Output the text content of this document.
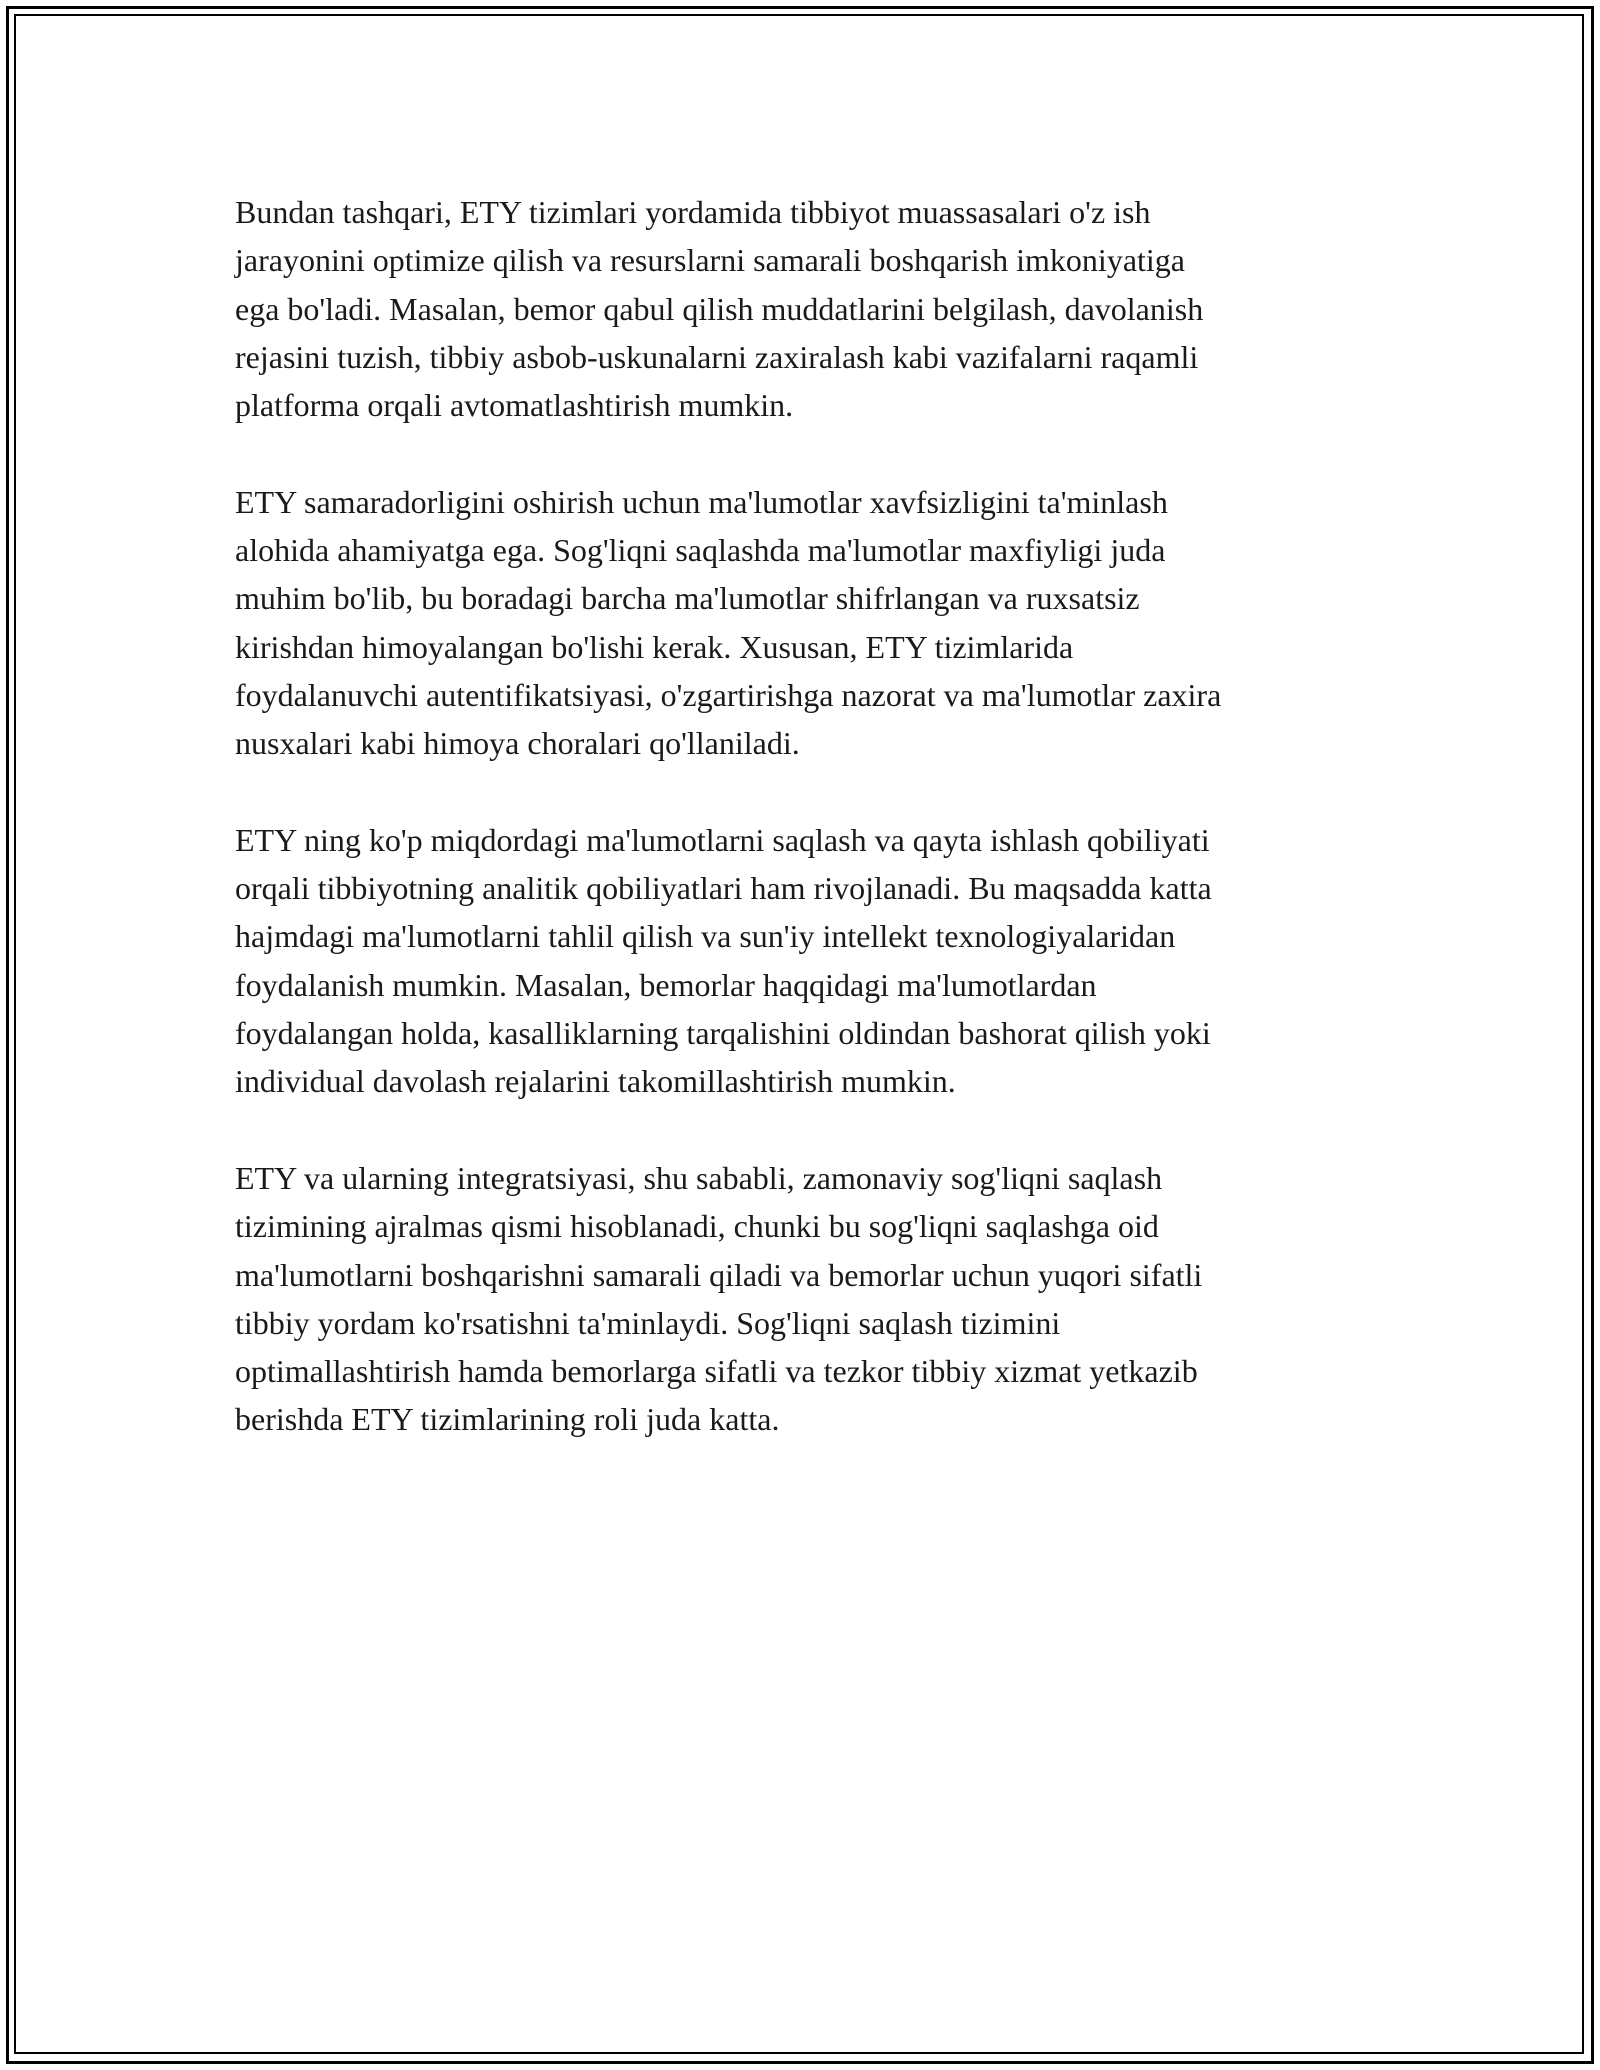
Bundan tashqari, ETY tizimlari yordamida tibbiyot muassasalari o'z ish
jarayonini optimize qilish va resurslarni samarali boshqarish imkoniyatiga
ega bo'ladi. Masalan, bemor qabul qilish muddatlarini belgilash, davolanish
rejasini tuzish, tibbiy asbob-uskunalarni zaxiralash kabi vazifalarni raqamli
platforma orqali avtomatlashtirish mumkin.

ETY samaradorligini oshirish uchun ma'lumotlar xavfsizligini ta'minlash
alohida ahamiyatga ega. Sog'liqni saqlashda ma'lumotlar maxfiyligi juda
muhim bo'lib, bu boradagi barcha ma'lumotlar shifrlangan va ruxsatsiz
kirishdan himoyalangan bo'lishi kerak. Xususan, ETY tizimlarida
foydalanuvchi autentifikatsiyasi, o'zgartirishga nazorat va ma'lumotlar zaxira
nusxalari kabi himoya choralari qo'llaniladi.

ETY ning ko'p miqdordagi ma'lumotlarni saqlash va qayta ishlash qobiliyati
orqali tibbiyotning analitik qobiliyatlari ham rivojlanadi. Bu maqsadda katta
hajmdagi ma'lumotlarni tahlil qilish va sun'iy intellekt texnologiyalaridan
foydalanish mumkin. Masalan, bemorlar haqqidagi ma'lumotlardan
foydalangan holda, kasalliklarning tarqalishini oldindan bashorat qilish yoki
individual davolash rejalarini takomillashtirish mumkin.

ETY va ularning integratsiyasi, shu sababli, zamonaviy sog'liqni saqlash
tizimining ajralmas qismi hisoblanadi, chunki bu sog'liqni saqlashga oid
ma'lumotlarni boshqarishni samarali qiladi va bemorlar uchun yuqori sifatli
tibbiy yordam ko'rsatishni ta'minlaydi. Sog'liqni saqlash tizimini
optimallashtirish hamda bemorlarga sifatli va tezkor tibbiy xizmat yetkazib
berishda ETY tizimlarining roli juda katta.
